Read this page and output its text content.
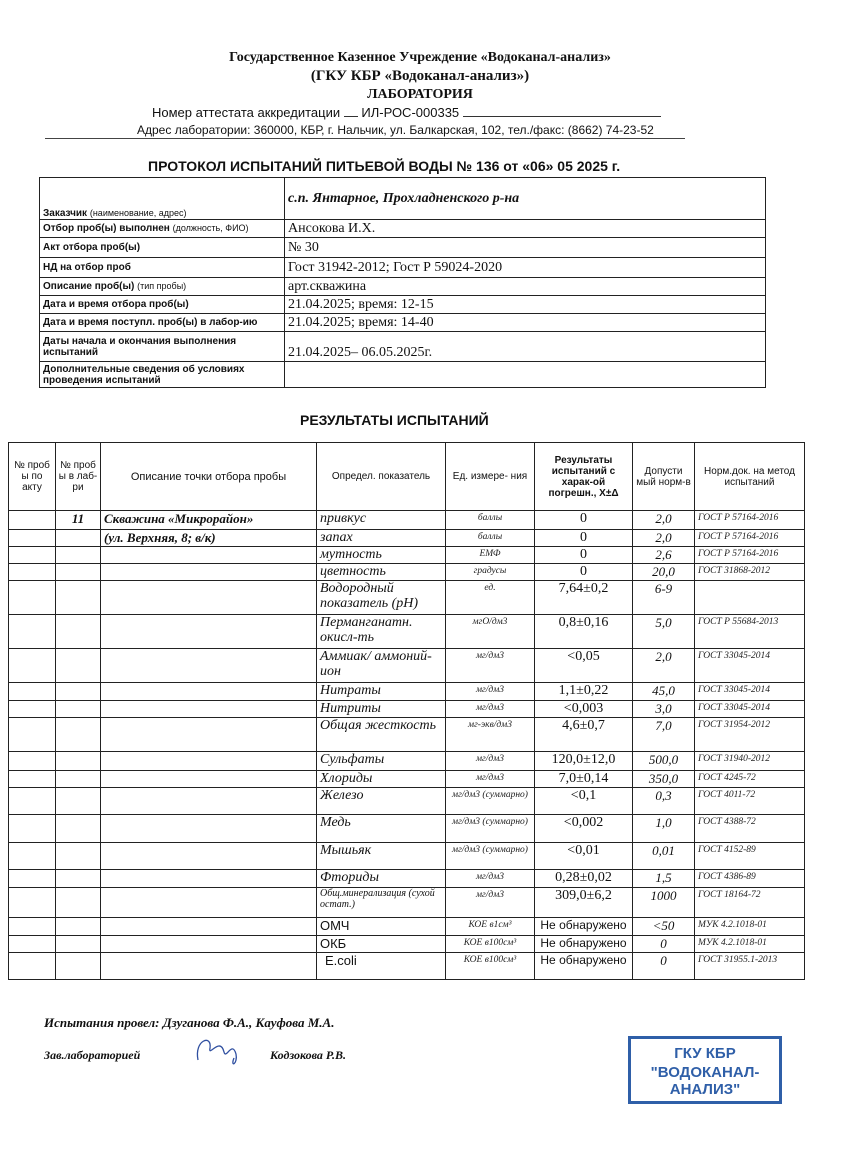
Государственное Казенное Учреждение «Водоканал-анализ»
(ГКУ КБР «Водоканал-анализ»)
ЛАБОРАТОРИЯ
Номер аттестата аккредитации ИЛ-РОС-000335
Адрес лаборатории: 360000, КБР, г. Нальчик, ул. Балкарская, 102, тел./факс: (8662) 74-23-52
ПРОТОКОЛ ИСПЫТАНИЙ ПИТЬЕВОЙ ВОДЫ № 136 от «06» 05 2025 г.
Заказчик (наименование, адрес)	с.п. Янтарное, Прохладненского р-на
Отбор проб(ы) выполнен (должность, ФИО)	Ансокова И.Х.
Акт отбора проб(ы)	№ 30
НД на отбор проб	Гост 31942-2012; Гост Р 59024-2020
Описание проб(ы) (тип пробы)	арт.скважина
Дата и время отбора проб(ы)	21.04.2025; время: 12-15
Дата и время поступл. проб(ы) в лабор-ию	21.04.2025; время: 14-40
Даты начала и окончания выполнения испытаний	21.04.2025– 06.05.2025г.
Дополнительные сведения об условиях проведения испытаний	
РЕЗУЛЬТАТЫ ИСПЫТАНИЙ
№ проб ы по акту	№ проб ы в лаб- ри	Описание точки отбора пробы	Определ. показатель	Ед. измере- ния	Результаты испытаний с харак-ой погрешн., X±Δ	Допусти мый норм-в	Норм.док. на метод испытаний
	11	Скважина «Микрорайон»	привкус	баллы	0	2,0	ГОСТ Р 57164-2016
		(ул. Верхняя, 8; в/к)	запах	баллы	0	2,0	ГОСТ Р 57164-2016
			мутность	ЕМФ	0	2,6	ГОСТ Р 57164-2016
			цветность	градусы	0	20,0	ГОСТ 31868-2012
			Водородный показатель (рН)	ед.	7,64±0,2	6-9	
			Перманганатн. окисл-ть	мгО/дм3	0,8±0,16	5,0	ГОСТ Р 55684-2013
			Аммиак/ аммоний-ион	мг/дм3	<0,05	2,0	ГОСТ 33045-2014
			Нитраты	мг/дм3	1,1±0,22	45,0	ГОСТ 33045-2014
			Нитриты	мг/дм3	<0,003	3,0	ГОСТ 33045-2014
			Общая жесткость	мг-экв/дм3	4,6±0,7	7,0	ГОСТ 31954-2012
			Сульфаты	мг/дм3	120,0±12,0	500,0	ГОСТ 31940-2012
			Хлориды	мг/дм3	7,0±0,14	350,0	ГОСТ 4245-72
			Железо	мг/дм3 (суммарно)	<0,1	0,3	ГОСТ 4011-72
			Медь	мг/дм3 (суммарно)	<0,002	1,0	ГОСТ 4388-72
			Мышьяк	мг/дм3 (суммарно)	<0,01	0,01	ГОСТ 4152-89
			Фториды	мг/дм3	0,28±0,02	1,5	ГОСТ 4386-89
			Общ.минерализация (сухой остат.)	мг/дм3	309,0±6,2	1000	ГОСТ 18164-72
			ОМЧ	КОЕ в1см³	Не обнаружено	<50	МУК 4.2.1018-01
			ОКБ	КОЕ в100см³	Не обнаружено	0	МУК 4.2.1018-01
			E.coli	КОЕ в100см³	Не обнаружено	0	ГОСТ 31955.1-2013
Испытания провел: Дзуганова Ф.А., Кауфова М.А.
Зав.лабораторией	Кодзокова Р.В.	ГКУ КБР
"ВОДОКАНАЛ-АНАЛИЗ"
